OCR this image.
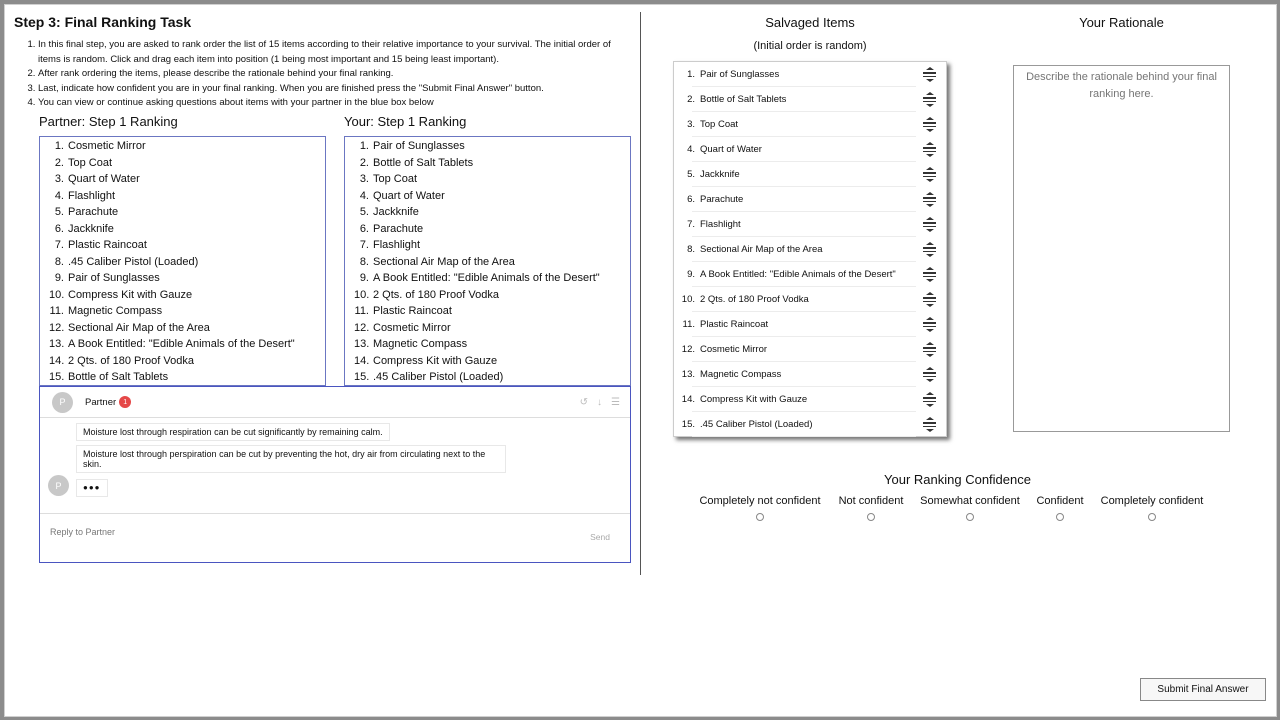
Step 3: Final Ranking Task
1. In this final step, you are asked to rank order the list of 15 items according to their relative importance to your survival. The initial order of items is random. Click and drag each item into position (1 being most important and 15 being least important).
2. After rank ordering the items, please describe the rationale behind your final ranking.
3. Last, indicate how confident you are in your final ranking. When you are finished press the "Submit Final Answer" button.
4. You can view or continue asking questions about items with your partner in the blue box below
Partner: Step 1 Ranking
1. Cosmetic Mirror
2. Top Coat
3. Quart of Water
4. Flashlight
5. Parachute
6. Jackknife
7. Plastic Raincoat
8. .45 Caliber Pistol (Loaded)
9. Pair of Sunglasses
10. Compress Kit with Gauze
11. Magnetic Compass
12. Sectional Air Map of the Area
13. A Book Entitled: "Edible Animals of the Desert"
14. 2 Qts. of 180 Proof Vodka
15. Bottle of Salt Tablets
Your: Step 1 Ranking
1. Pair of Sunglasses
2. Bottle of Salt Tablets
3. Top Coat
4. Quart of Water
5. Jackknife
6. Parachute
7. Flashlight
8. Sectional Air Map of the Area
9. A Book Entitled: "Edible Animals of the Desert"
10. 2 Qts. of 180 Proof Vodka
11. Plastic Raincoat
12. Cosmetic Mirror
13. Magnetic Compass
14. Compress Kit with Gauze
15. .45 Caliber Pistol (Loaded)
P	Partner	1	↺ ↓ ☰
Moisture lost through respiration can be cut significantly by remaining calm.
Moisture lost through perspiration can be cut by preventing the hot, dry air from circulating next to the skin.
P	●●●
Reply to Partner	Send
Salvaged Items
(Initial order is random)
1. Pair of Sunglasses
2. Bottle of Salt Tablets
3. Top Coat
4. Quart of Water
5. Jackknife
6. Parachute
7. Flashlight
8. Sectional Air Map of the Area
9. A Book Entitled: "Edible Animals of the Desert"
10. 2 Qts. of 180 Proof Vodka
11. Plastic Raincoat
12. Cosmetic Mirror
13. Magnetic Compass
14. Compress Kit with Gauze
15. .45 Caliber Pistol (Loaded)
Your Rationale
Describe the rationale behind your final ranking here.
Your Ranking Confidence
Completely not confident Not confident Somewhat confident Confident Completely confident
Submit Final Answer
